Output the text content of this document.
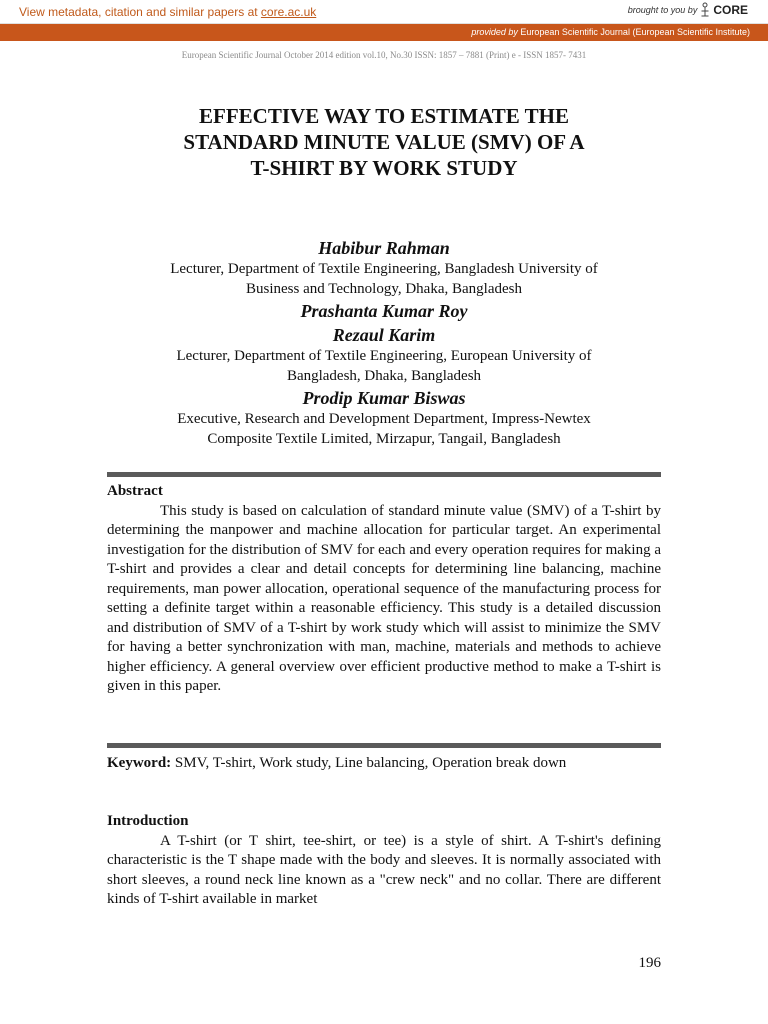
View metadata, citation and similar papers at core.ac.uk	brought to you by CORE
provided by European Scientific Journal (European Scientific Institute)
European Scientific Journal October 2014 edition vol.10, No.30 ISSN: 1857 – 7881 (Print) e - ISSN 1857- 7431
EFFECTIVE WAY TO ESTIMATE THE
STANDARD MINUTE VALUE (SMV) OF A
T-SHIRT BY WORK STUDY
Habibur Rahman
Lecturer, Department of Textile Engineering, Bangladesh University of
Business and Technology, Dhaka, Bangladesh
Prashanta Kumar Roy
Rezaul Karim
Lecturer, Department of Textile Engineering, European University of
Bangladesh, Dhaka, Bangladesh
Prodip Kumar Biswas
Executive, Research and Development Department, Impress-Newtex
Composite Textile Limited, Mirzapur, Tangail, Bangladesh
Abstract

This study is based on calculation of standard minute value (SMV) of a T-shirt by determining the manpower and machine allocation for particular target. An experimental investigation for the distribution of SMV for each and every operation requires for making a T-shirt and provides a clear and detail concepts for determining line balancing, machine requirements, man power allocation, operational sequence of the manufacturing process for setting a definite target within a reasonable efficiency. This study is a detailed discussion and distribution of SMV of a T-shirt by work study which will assist to minimize the SMV for having a better synchronization with man, machine, materials and methods to achieve higher efficiency. A general overview over efficient productive method to make a T-shirt is given in this paper.

Keyword: SMV, T-shirt, Work study, Line balancing, Operation break down
Introduction

A T-shirt (or T shirt, tee-shirt, or tee) is a style of shirt. A T-shirt's defining characteristic is the T shape made with the body and sleeves. It is normally associated with short sleeves, a round neck line known as a "crew neck" and no collar. There are different kinds of T-shirt available in market

196
